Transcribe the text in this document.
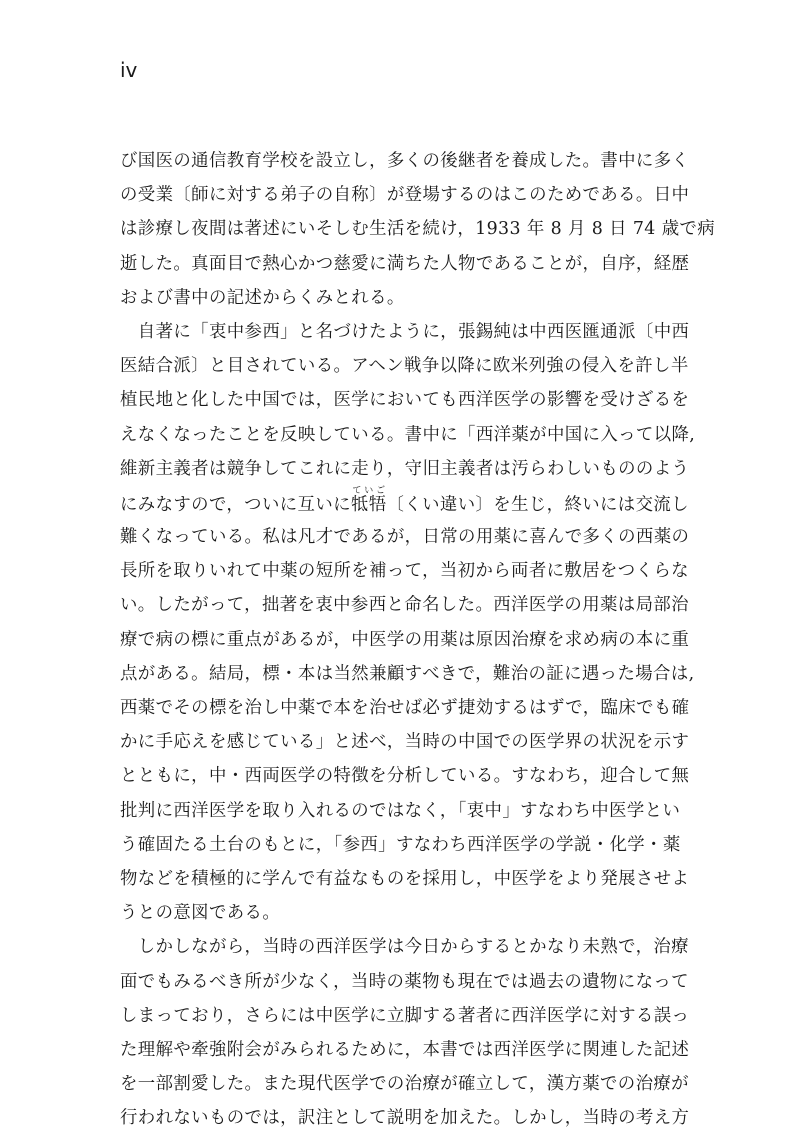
iv
び国医の通信教育学校を設立し，多くの後継者を養成した。書中に多く
の受業〔師に対する弟子の自称〕が登場するのはこのためである。日中
は診療し夜間は著述にいそしむ生活を続け，1933 年 8 月 8 日 74 歳で病
逝した。真面目で熱心かつ慈愛に満ちた人物であることが，自序，経歴
および書中の記述からくみとれる。
　自著に「衷中参西」と名づけたように，張錫純は中西医匯通派〔中西
医結合派〕と目されている。アヘン戦争以降に欧米列強の侵入を許し半
植民地と化した中国では，医学においても西洋医学の影響を受けざるを
えなくなったことを反映している。書中に「西洋薬が中国に入って以降,
維新主義者は競争してこれに走り，守旧主義者は汚らわしいもののよう
にみなすので，ついに互いに牴牾ていご〔くい違い〕を生じ，終いには交流し
難くなっている。私は凡才であるが，日常の用薬に喜んで多くの西薬の
長所を取りいれて中薬の短所を補って，当初から両者に敷居をつくらな
い。したがって，拙著を衷中参西と命名した。西洋医学の用薬は局部治
療で病の標に重点があるが，中医学の用薬は原因治療を求め病の本に重
点がある。結局，標・本は当然兼顧すべきで，難治の証に遇った場合は,
西薬でその標を治し中薬で本を治せば必ず捷効するはずで，臨床でも確
かに手応えを感じている」と述べ，当時の中国での医学界の状況を示す
とともに，中・西両医学の特徴を分析している。すなわち，迎合して無
批判に西洋医学を取り入れるのではなく，「衷中」すなわち中医学とい
う確固たる土台のもとに，「参西」すなわち西洋医学の学説・化学・薬
物などを積極的に学んで有益なものを採用し，中医学をより発展させよ
うとの意図である。
　しかしながら，当時の西洋医学は今日からするとかなり未熟で，治療
面でもみるべき所が少なく，当時の薬物も現在では過去の遺物になって
しまっており，さらには中医学に立脚する著者に西洋医学に対する誤っ
た理解や牽強附会がみられるために，本書では西洋医学に関連した記述
を一部割愛した。また現代医学での治療が確立して，漢方薬での治療が
行われないものでは，訳注として説明を加えた。しかし，当時の考え方
